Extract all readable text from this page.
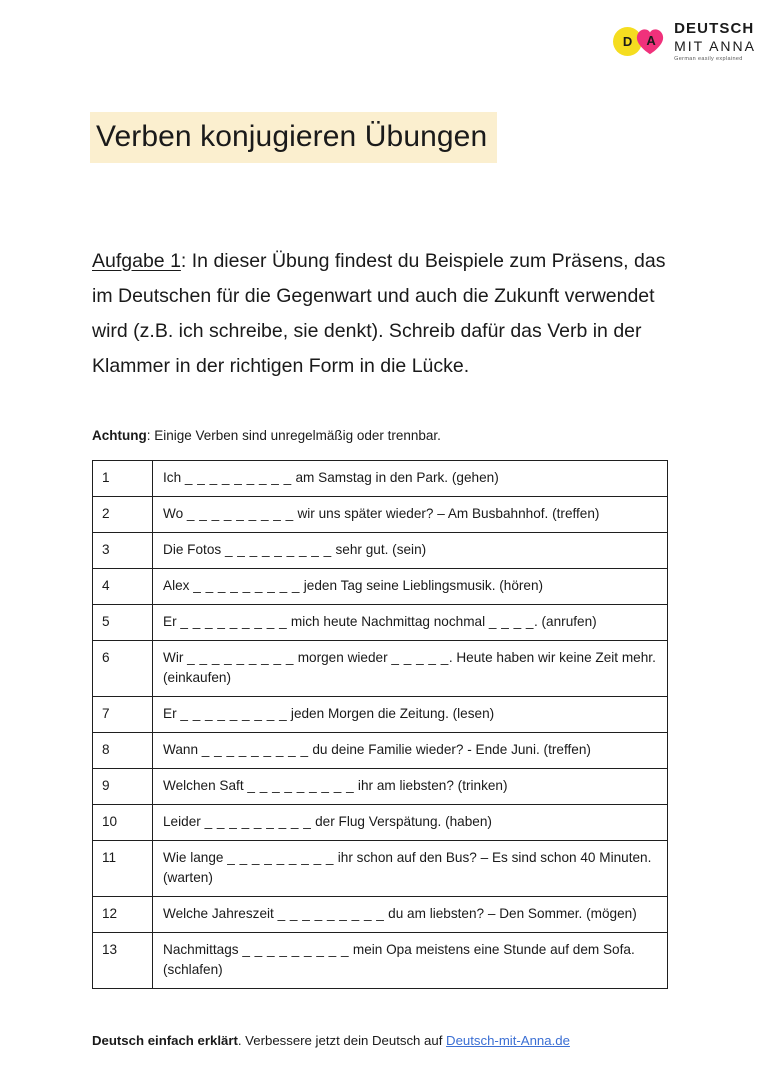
D A
DEUTSCH
MIT ANNA
German easily explained
Verben konjugieren Übungen

Aufgabe 1: In dieser Übung findest du Beispiele zum Präsens, das im Deutschen für die Gegenwart und auch die Zukunft verwendet wird (z.B. ich schreibe, sie denkt). Schreib dafür das Verb in der Klammer in der richtigen Form in die Lücke.

Achtung: Einige Verben sind unregelmäßig oder trennbar.

1	Ich _ _ _ _ _ _ _ _ _ am Samstag in den Park. (gehen)
2	Wo _ _ _ _ _ _ _ _ _ wir uns später wieder? – Am Busbahnhof. (treffen)
3	Die Fotos _ _ _ _ _ _ _ _ _ sehr gut. (sein)
4	Alex _ _ _ _ _ _ _ _ _ jeden Tag seine Lieblingsmusik. (hören)
5	Er _ _ _ _ _ _ _ _ _ mich heute Nachmittag nochmal _ _ _ _. (anrufen)
6	Wir _ _ _ _ _ _ _ _ _ morgen wieder _ _ _ _ _. Heute haben wir keine Zeit mehr. (einkaufen)
7	Er _ _ _ _ _ _ _ _ _ jeden Morgen die Zeitung. (lesen)
8	Wann _ _ _ _ _ _ _ _ _ du deine Familie wieder? - Ende Juni. (treffen)
9	Welchen Saft _ _ _ _ _ _ _ _ _ ihr am liebsten? (trinken)
10	Leider _ _ _ _ _ _ _ _ _ der Flug Verspätung. (haben)
11	Wie lange _ _ _ _ _ _ _ _ _ ihr schon auf den Bus? – Es sind schon 40 Minuten. (warten)
12	Welche Jahreszeit _ _ _ _ _ _ _ _ _ du am liebsten? – Den Sommer. (mögen)
13	Nachmittags _ _ _ _ _ _ _ _ _ mein Opa meistens eine Stunde auf dem Sofa. (schlafen)

Deutsch einfach erklärt. Verbessere jetzt dein Deutsch auf Deutsch-mit-Anna.de
